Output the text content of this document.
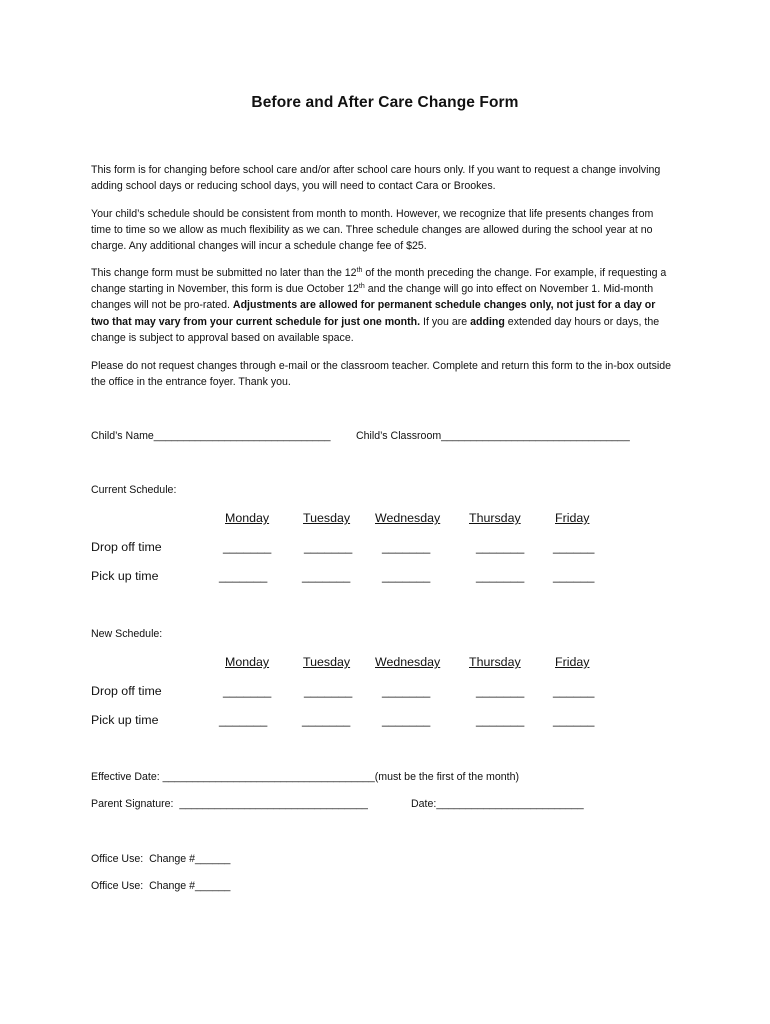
Before and After Care Change Form
This form is for changing before school care and/or after school care hours only. If you want to request a change involving adding school days or reducing school days, you will need to contact Cara or Brookes.
Your child’s schedule should be consistent from month to month. However, we recognize that life presents changes from time to time so we allow as much flexibility as we can. Three schedule changes are allowed during the school year at no charge. Any additional changes will incur a schedule change fee of $25.
This change form must be submitted no later than the 12th of the month preceding the change. For example, if requesting a change starting in November, this form is due October 12th and the change will go into effect on November 1. Mid-month changes will not be pro-rated. Adjustments are allowed for permanent schedule changes only, not just for a day or two that may vary from your current schedule for just one month. If you are adding extended day hours or days, the change is subject to approval based on available space.
Please do not request changes through e-mail or the classroom teacher. Complete and return this form to the in-box outside the office in the entrance foyer. Thank you.
Child’s Name______________________________ Child’s Classroom________________________________
Current Schedule:
Monday	Tuesday Wednesday Thursday	Friday
Drop off time	_______	_______ _______	_______ ______
Pick up time	_______	_______	_______	_______ ______
New Schedule:
Monday	Tuesday Wednesday Thursday	Friday
Drop off time	_______	_______ _______	_______ ______
Pick up time	_______	_______	_______	_______ ______
Effective Date: ____________________________________(must be the first of the month)
Parent Signature:  ________________________________	Date:_________________________
Office Use:  Change #______
Office Use:  Change #______
